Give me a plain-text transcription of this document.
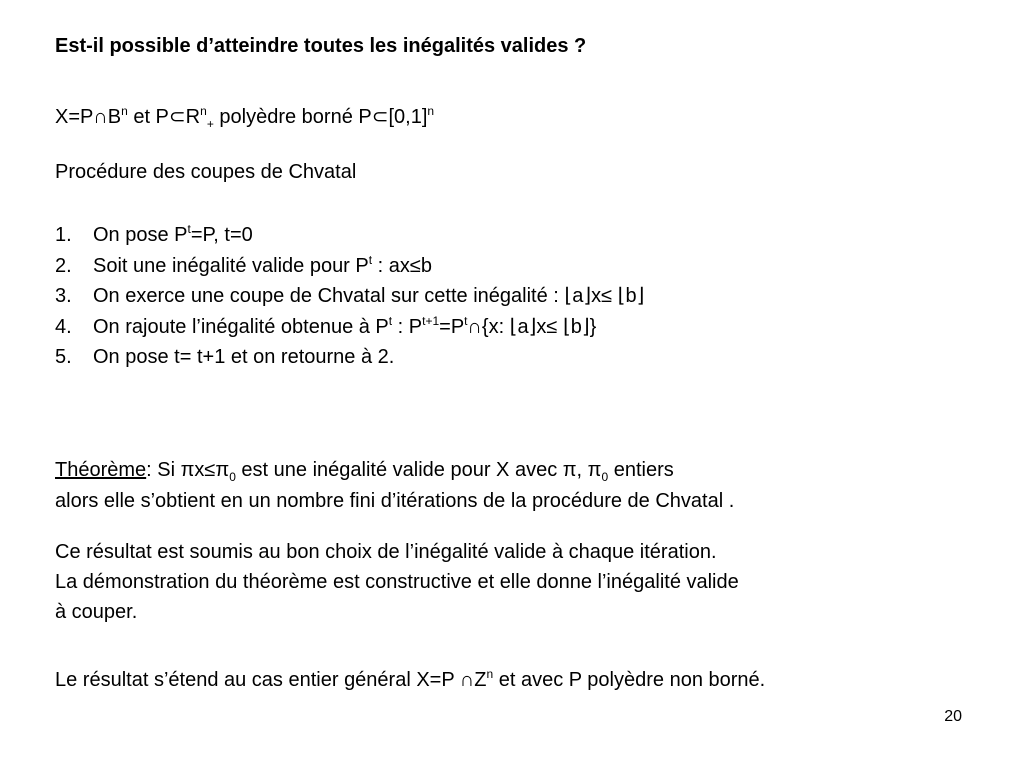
Est-il possible d’atteindre toutes les inégalités valides ?
$X=P\cap B^n$ et $P\subset R^n_+$ polyèdre borné $P\subset[0,1]^n$
Procédure des coupes de Chvatal
1. On pose $P^t=P$, t=0
2. Soit une inégalité valide pour $P^t$ : ax≤b
3. On exerce une coupe de Chvatal sur cette inégalité : ⌊a⌋x≤ ⌊b⌋
4. On rajoute l’inégalité obtenue à $P^t$ : $P^{t+1}=P^t\cap\{x$: ⌊a⌋x≤ ⌊b⌋}
5. On pose t= t+1 et on retourne à 2.
Théorème: Si $\pi x\le\pi_0$ est une inégalité valide pour X avec π, $\pi_0$ entiers
alors elle s’obtient en un nombre fini d’itérations de la procédure de Chvatal .
Ce résultat est soumis au bon choix de l’inégalité valide à chaque itération.
La démonstration du théorème est constructive et elle donne l’inégalité valide
à couper.
Le résultat s’étend au cas entier général X=P $\cap Z^n$ et avec P polyèdre non borné.
20
